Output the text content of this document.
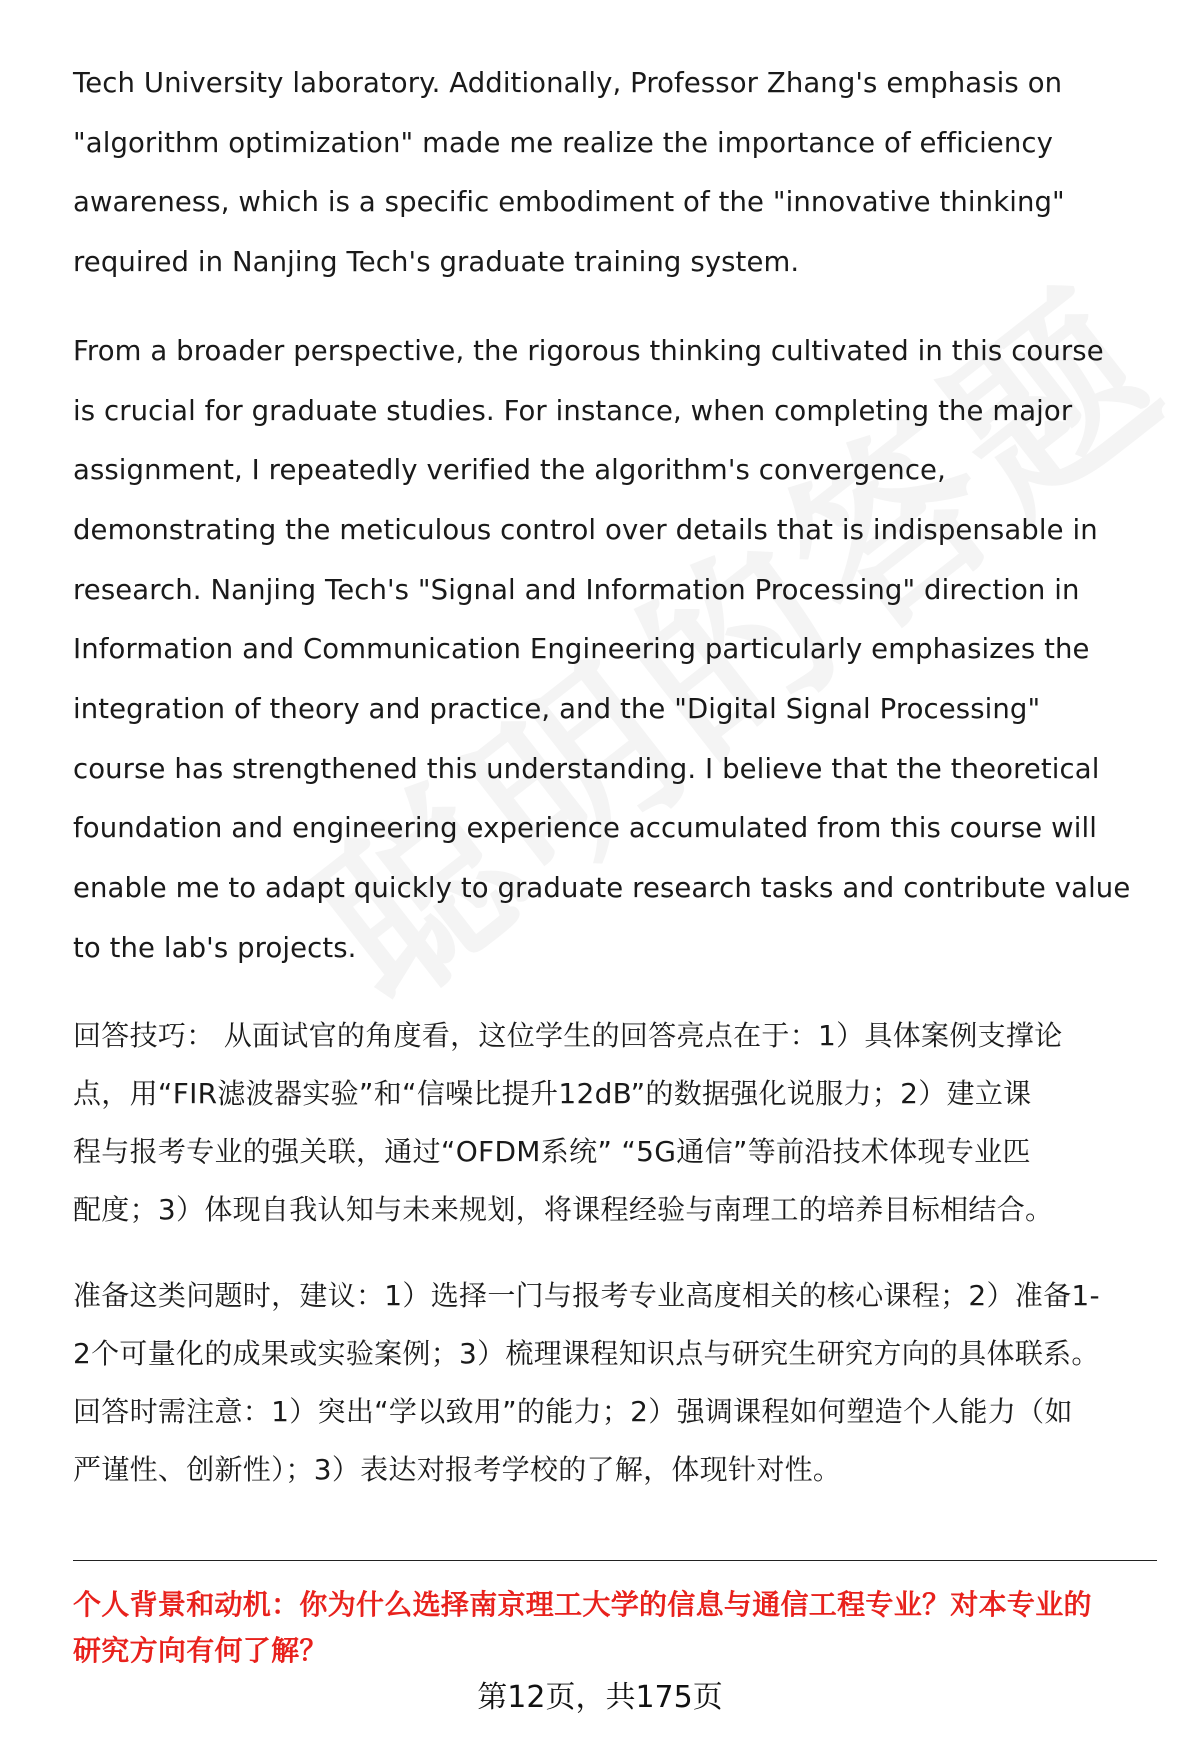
Tech University laboratory. Additionally, Professor Zhang's emphasis on
"algorithm optimization" made me realize the importance of efficiency
awareness, which is a specific embodiment of the "innovative thinking"
required in Nanjing Tech's graduate training system.
From a broader perspective, the rigorous thinking cultivated in this course
is crucial for graduate studies. For instance, when completing the major
assignment, I repeatedly verified the algorithm's convergence,
demonstrating the meticulous control over details that is indispensable in
research. Nanjing Tech's "Signal and Information Processing" direction in
Information and Communication Engineering particularly emphasizes the
integration of theory and practice, and the "Digital Signal Processing"
course has strengthened this understanding. I believe that the theoretical
foundation and engineering experience accumulated from this course will
enable me to adapt quickly to graduate research tasks and contribute value
to the lab's projects.
回答技巧： 从面试官的角度看，这位学生的回答亮点在于：1）具体案例支撑论
点，用“FIR滤波器实验”和“信噪比提升12dB”的数据强化说服力；2）建立课
程与报考专业的强关联，通过“OFDM系统” “5G通信”等前沿技术体现专业匹
配度；3）体现自我认知与未来规划，将课程经验与南理工的培养目标相结合。
准备这类问题时，建议：1）选择一门与报考专业高度相关的核心课程；2）准备1-
2个可量化的成果或实验案例；3）梳理课程知识点与研究生研究方向的具体联系。
回答时需注意：1）突出“学以致用”的能力；2）强调课程如何塑造个人能力（如
严谨性、创新性）；3）表达对报考学校的了解，体现针对性。
个人背景和动机：你为什么选择南京理工大学的信息与通信工程专业？对本专业的
研究方向有何了解？
第12页，共175页
